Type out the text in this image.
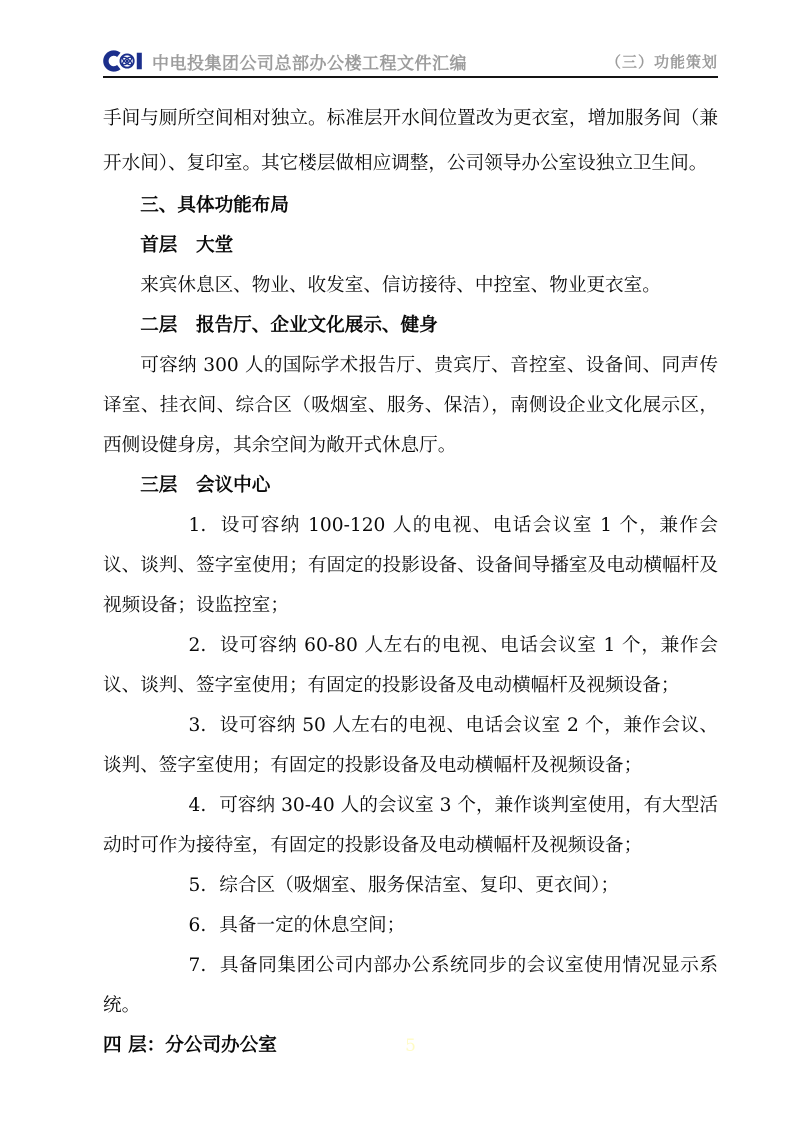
中电投集团公司总部办公楼工程文件汇编	（三）功能策划

手间与厕所空间相对独立。标准层开水间位置改为更衣室，增加服务间（兼开水间）、复印室。其它楼层做相应调整，公司领导办公室设独立卫生间。

三、具体功能布局

首层　大堂

来宾休息区、物业、收发室、信访接待、中控室、物业更衣室。

二层　报告厅、企业文化展示、健身

可容纳 300 人的国际学术报告厅、贵宾厅、音控室、设备间、同声传译室、挂衣间、综合区（吸烟室、服务、保洁），南侧设企业文化展示区，西侧设健身房，其余空间为敞开式休息厅。

三层　会议中心

1. 设可容纳 100-120 人的电视、电话会议室 1 个，兼作会议、谈判、签字室使用；有固定的投影设备、设备间导播室及电动横幅杆及视频设备；设监控室；

2. 设可容纳 60-80 人左右的电视、电话会议室 1 个，兼作会议、谈判、签字室使用；有固定的投影设备及电动横幅杆及视频设备；

3. 设可容纳 50 人左右的电视、电话会议室 2 个，兼作会议、谈判、签字室使用；有固定的投影设备及电动横幅杆及视频设备；

4. 可容纳 30-40 人的会议室 3 个，兼作谈判室使用，有大型活动时可作为接待室，有固定的投影设备及电动横幅杆及视频设备；

5. 综合区（吸烟室、服务保洁室、复印、更衣间）；

6. 具备一定的休息空间；

7. 具备同集团公司内部办公系统同步的会议室使用情况显示系统。

四 层：分公司办公室	5
